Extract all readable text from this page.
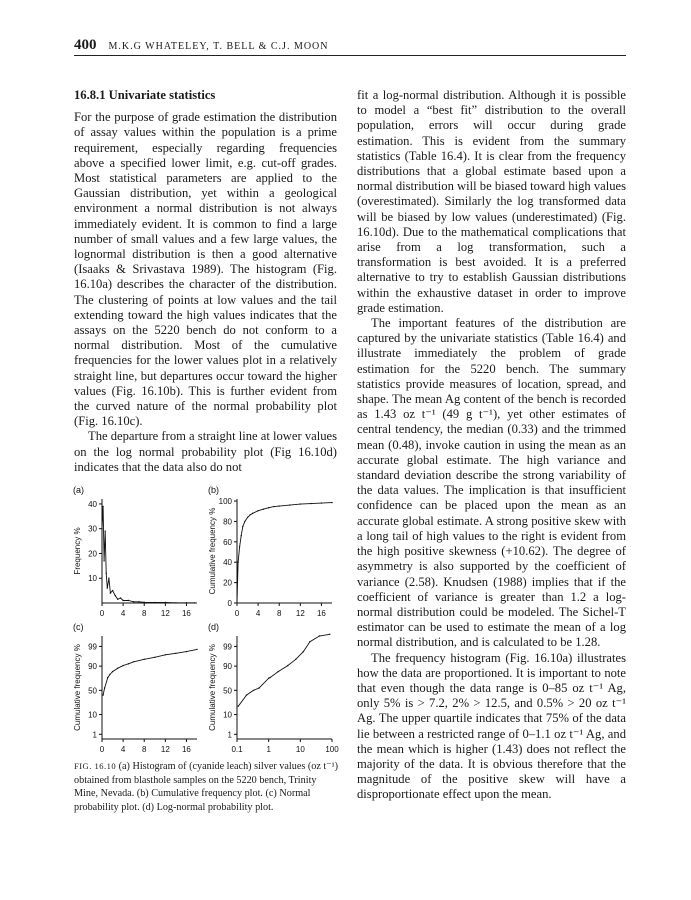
400 M.K.G WHATELEY, T. BELL & C.J. MOON
16.8.1 Univariate statistics

For the purpose of grade estimation the distribution of assay values within the population is a prime requirement, especially regarding frequencies above a specified lower limit, e.g. cut-off grades. Most statistical parameters are applied to the Gaussian distribution, yet within a geological environment a normal distribution is not always immediately evident. It is common to find a large number of small values and a few large values, the lognormal distribution is then a good alternative (Isaaks & Srivastava 1989). The histogram (Fig. 16.10a) describes the character of the distribution. The clustering of points at low values and the tail extending toward the high values indicates that the assays on the 5220 bench do not conform to a normal distribution. Most of the cumulative frequencies for the lower values plot in a relatively straight line, but departures occur toward the higher values (Fig. 16.10b). This is further evident from the curved nature of the normal probability plot (Fig. 16.10c).

The departure from a straight line at lower values on the log normal probability plot (Fig 16.10d) indicates that the data also do not

fit a log-normal distribution. Although it is possible to model a “best fit” distribution to the overall population, errors will occur during grade estimation. This is evident from the summary statistics (Table 16.4). It is clear from the frequency distributions that a global estimate based upon a normal distribution will be biased toward high values (overestimated). Similarly the log transformed data will be biased by low values (underestimated) (Fig. 16.10d). Due to the mathematical complications that arise from a log transformation, such a transformation is best avoided. It is a preferred alternative to try to establish Gaussian distributions within the exhaustive dataset in order to improve grade estimation.

The important features of the distribution are captured by the univariate statistics (Table 16.4) and illustrate immediately the problem of grade estimation for the 5220 bench. The summary statistics provide measures of location, spread, and shape. The mean Ag content of the bench is recorded as 1.43 oz t⁻¹ (49 g t⁻¹), yet other estimates of central tendency, the median (0.33) and the trimmed mean (0.48), invoke caution in using the mean as an accurate global estimate. The high variance and standard deviation describe the strong variability of the data values. The implication is that insufficient confidence can be placed upon the mean as an accurate global estimate. A strong positive skew with a long tail of high values to the right is evident from the high positive skewness (+10.62). The degree of asymmetry is also supported by the coefficient of variance (2.58). Knudsen (1988) implies that if the coefficient of variance is greater than 1.2 a log-normal distribution could be modeled. The Sichel-T estimator can be used to estimate the mean of a log normal distribution, and is calculated to be 1.28.

The frequency histogram (Fig. 16.10a) illustrates how the data are proportioned. It is important to note that even though the data range is 0–85 oz t⁻¹ Ag, only 5% is > 7.2, 2% > 12.5, and 0.5% > 20 oz t⁻¹ Ag. The upper quartile indicates that 75% of the data lie between a restricted range of 0–1.1 oz t⁻¹ Ag, and the mean which is higher (1.43) does not reflect the majority of the data. It is obvious therefore that the magnitude of the positive skew will have a disproportionate effect upon the mean.

(a)
10
20
30
40
0 4 8 12 16
Frequency %
(b)
0
20
40
60
80
100
0 4 8 12 16
Cumulative frequency %
(c)
1
10
50
90
99
0 4 8 12 16
Cumulative frequency %
(d)
1
10
50
90
99
0.1	1	10	100
Cumulative frequency %
FIG. 16.10 (a) Histogram of (cyanide leach) silver values (oz t⁻¹) obtained from blasthole samples on the 5220 bench, Trinity Mine, Nevada. (b) Cumulative frequency plot. (c) Normal probability plot. (d) Log-normal probability plot.
